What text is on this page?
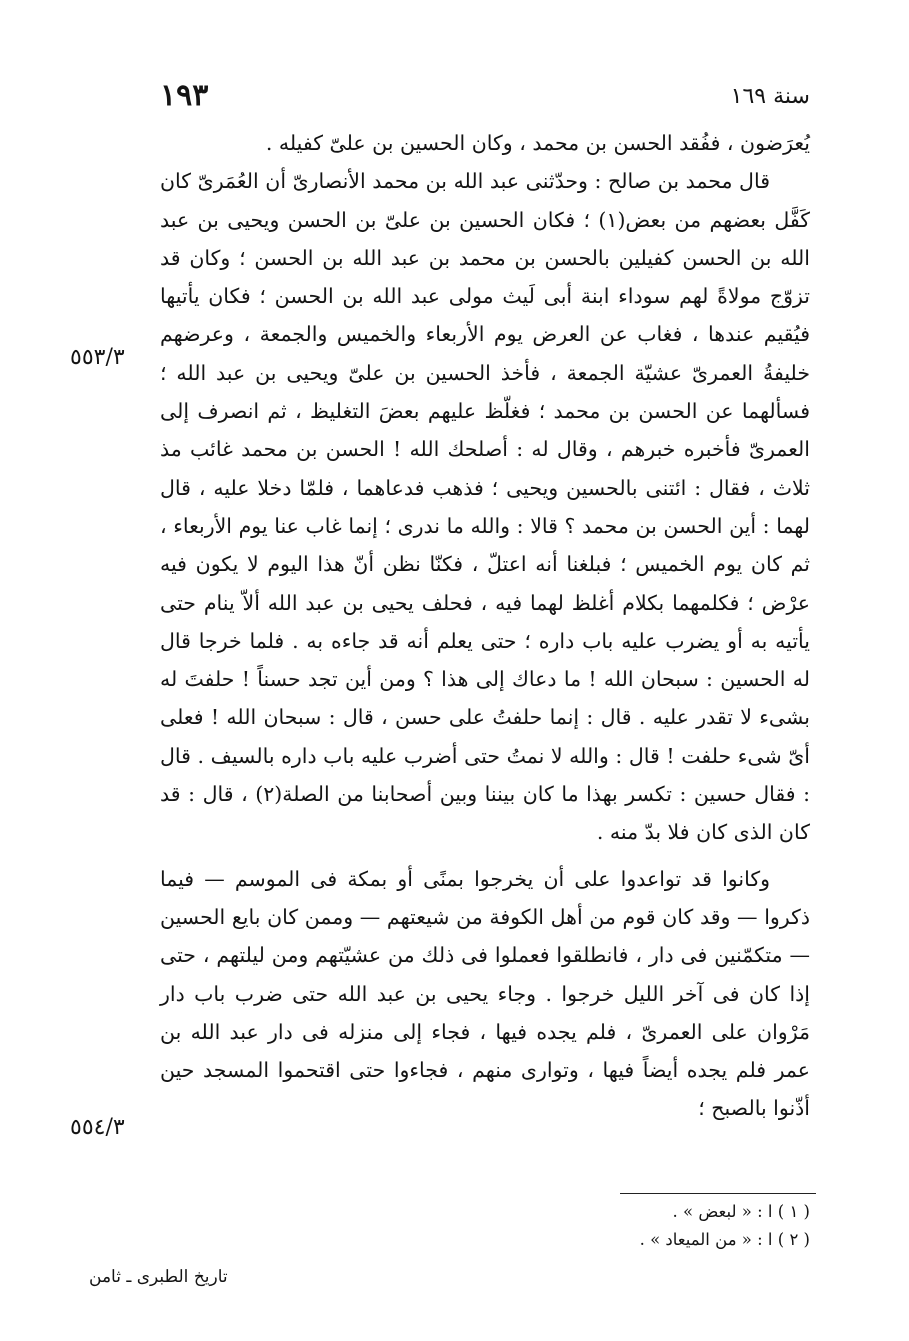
سنة ١٦٩
١٩٣

يُعرَضون ، ففُقد الحسن بن محمد ، وكان الحسين بن علىّ كفيله .

قال محمد بن صالح : وحدّثنى عبد الله بن محمد الأنصارىّ أن العُمَرىّ كان كَفَّل بعضهم من بعض(١) ؛ فكان الحسين بن علىّ بن الحسن ويحيى بن عبد الله بن الحسن كفيلين بالحسن بن محمد بن عبد الله بن الحسن ؛ وكان قد تزوّج مولاةً لهم سوداء ابنة أبى لَيث مولى عبد الله بن الحسن ؛ فكان يأتيها فيُقيم عندها ، فغاب عن العرض يوم الأربعاء والخميس والجمعة ، وعرضهم خليفةُ العمرىّ عشيّة الجمعة ، فأخذ الحسين بن علىّ ويحيى بن عبد الله ؛ فسألهما عن الحسن بن محمد ؛ فغلّظ عليهم بعضَ التغليظ ، ثم انصرف إلى العمرىّ فأخبره خبرهم ، وقال له : أصلحك الله ! الحسن بن محمد غائب مذ ثلاث ، فقال : ائتنى بالحسين ويحيى ؛ فذهب فدعاهما ، فلمّا دخلا عليه ، قال لهما : أين الحسن بن محمد ؟ قالا : والله ما ندرى ؛ إنما غاب عنا يوم الأربعاء ، ثم كان يوم الخميس ؛ فبلغنا أنه اعتلّ ، فكنّا نظن أنّ هذا اليوم لا يكون فيه عرْض ؛ فكلمهما بكلام أغلظ لهما فيه ، فحلف يحيى بن عبد الله ألاّ ينام حتى يأتيه به أو يضرب عليه باب داره ؛ حتى يعلم أنه قد جاءه به . فلما خرجا قال له الحسين : سبحان الله ! ما دعاك إلى هذا ؟ ومن أين تجد حسناً ! حلفتَ له بشىء لا تقدر عليه . قال : إنما حلفتُ على حسن ، قال : سبحان الله ! فعلى أىّ شىء حلفت ! قال : والله لا نمتُ حتى أضرب عليه باب داره بالسيف . قال : فقال حسين : تكسر بهذا ما كان بيننا وبين أصحابنا من الصلة(٢) ، قال : قد كان الذى كان فلا بدّ منه .

وكانوا قد تواعدوا على أن يخرجوا بمنًى أو بمكة فى الموسم — فيما ذكروا — وقد كان قوم من أهل الكوفة من شيعتهم — وممن كان بايع الحسين — متكمّنين فى دار ، فانطلقوا فعملوا فى ذلك من عشيّتهم ومن ليلتهم ، حتى إذا كان فى آخر الليل خرجوا . وجاء يحيى بن عبد الله حتى ضرب باب دار مَرْوان على العمرىّ ، فلم يجده فيها ، فجاء إلى منزله فى دار عبد الله بن عمر فلم يجده أيضاً فيها ، وتوارى منهم ، فجاءوا حتى اقتحموا المسجد حين أذّنوا بالصبح ؛

٥٥٣/٣
٥٥٤/٣
( ١ ) ا : « لبعض » .
( ٢ ) ا : « من الميعاد » .
تاريخ الطبرى ـ ثامن
